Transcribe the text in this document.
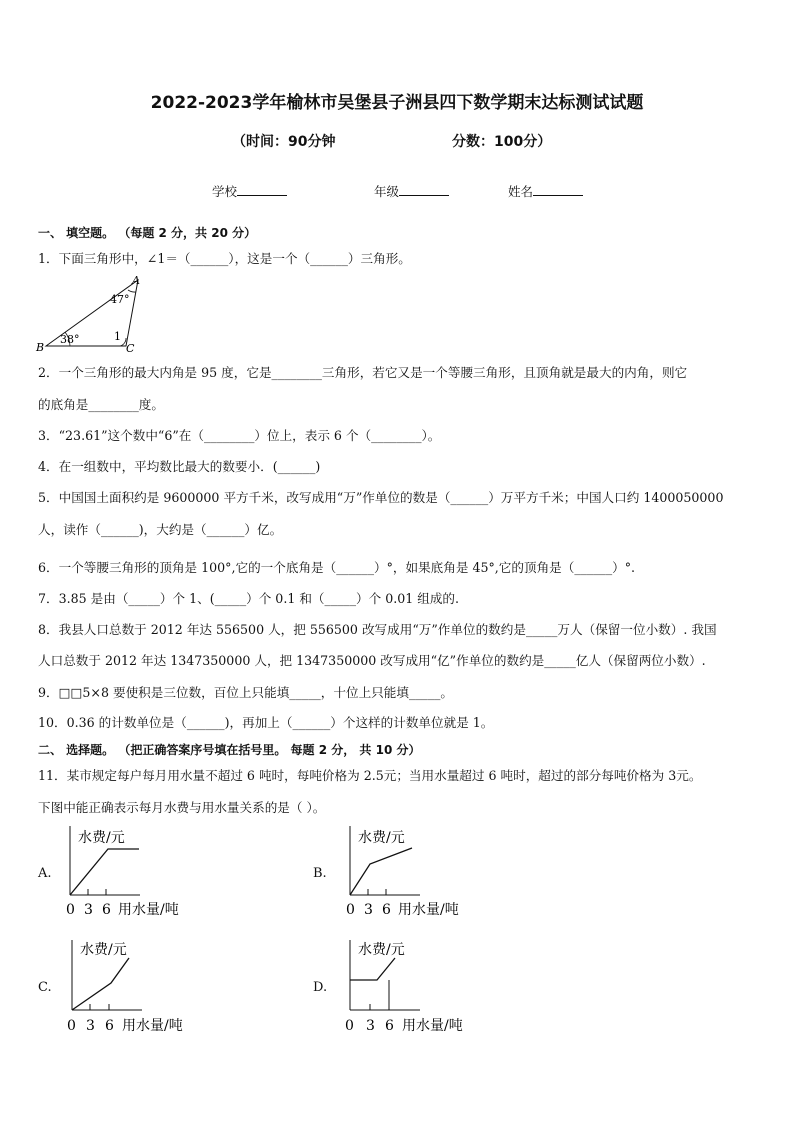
2022-2023学年榆林市吴堡县子洲县四下数学期末达标测试试题
（时间：90分钟	分数：100分）
学校	年级	姓名
一、 填空题。 （每题 2 分，共 20 分）
1．下面三角形中，∠1＝（______），这是一个（______）三角形。
A
B	C
47°
38°	1
2．一个三角形的最大内角是 95 度，它是________三角形，若它又是一个等腰三角形，且顶角就是最大的内角，则它
的底角是________度。
3．“23.61”这个数中“6”在（________）位上，表示 6 个（________）。
4．在一组数中，平均数比最大的数要小．(______)
5．中国国土面积约是 9600000 平方千米，改写成用“万”作单位的数是（______）万平方千米；中国人口约 1400050000
人，读作（______)，大约是（______）亿。
6．一个等腰三角形的顶角是 100°,它的一个底角是（______）°，如果底角是 45°,它的顶角是（______）°.
7．3.85 是由（_____）个 1、(_____）个 0.1 和（_____）个 0.01 组成的.
8．我县人口总数于 2012 年达 556500 人，把 556500 改写成用“万”作单位的数约是_____万人（保留一位小数）. 我国
人口总数于 2012 年达 1347350000 人，把 1347350000 改写成用“亿”作单位的数约是_____亿人（保留两位小数）.
9．□□5×8 要使积是三位数，百位上只能填_____，十位上只能填_____。
10．0.36 的计数单位是（______)，再加上（______）个这样的计数单位就是 1。
二、 选择题。 （把正确答案序号填在括号里。 每题 2 分， 共 10 分）
11．某市规定每户每月用水量不超过 6 吨时，每吨价格为 2.5元；当用水量超过 6 吨时，超过的部分每吨价格为 3元。
下图中能正确表示每月水费与用水量关系的是（ ）。
A.
水费/元
0 3 6 用水量/吨
B.
水费/元
0 3 6 用水量/吨
C.
水费/元
0 3 6 用水量/吨
D.
水费/元
0 3 6 用水量/吨
